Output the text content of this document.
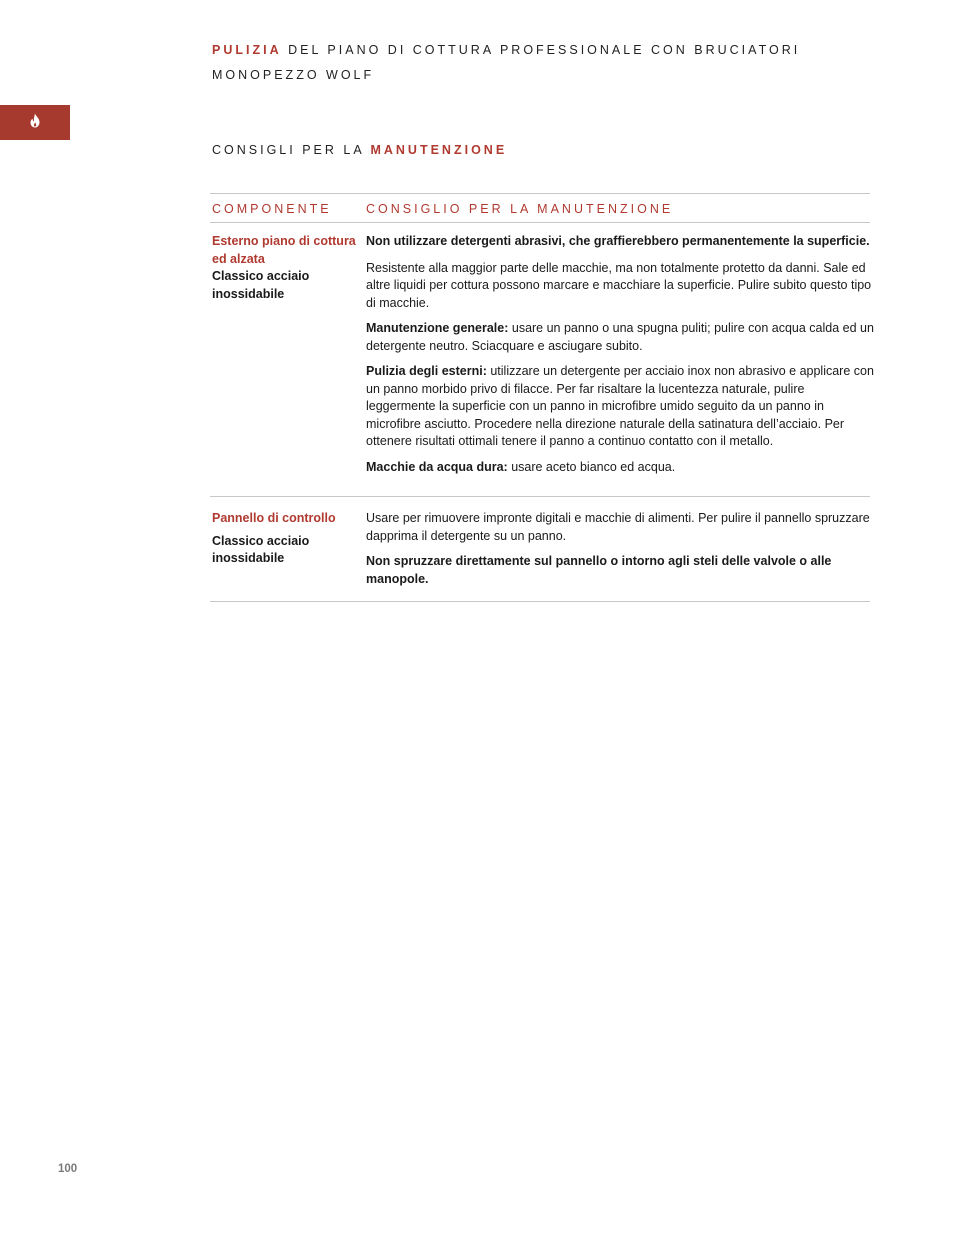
PULIZIA DEL PIANO DI COTTURA PROFESSIONALE CON BRUCIATORI
MONOPEZZO WOLF
CONSIGLI PER LA MANUTENZIONE
COMPONENTE	CONSIGLIO PER LA MANUTENZIONE
Esterno piano di cottura ed alzata
Classico acciaio inossidabile

Non utilizzare detergenti abrasivi, che graffierebbero permanentemente la superficie.

Resistente alla maggior parte delle macchie, ma non totalmente protetto da danni. Sale ed altre liquidi per cottura possono marcare e macchiare la superficie. Pulire subito questo tipo di macchie.

Manutenzione generale: usare un panno o una spugna puliti; pulire con acqua calda ed un detergente neutro. Sciacquare e asciugare subito.

Pulizia degli esterni: utilizzare un detergente per acciaio inox non abrasivo e applicare con un panno morbido privo di filacce. Per far risaltare la lucentezza naturale, pulire leggermente la superficie con un panno in microfibre umido seguito da un panno in microfibre asciutto. Procedere nella direzione naturale della satinatura dell’acciaio. Per ottenere risultati ottimali tenere il panno a continuo contatto con il metallo.

Macchie da acqua dura: usare aceto bianco ed acqua.

Pannello di controllo
Classico acciaio inossidabile

Usare per rimuovere impronte digitali e macchie di alimenti. Per pulire il pannello spruzzare dapprima il detergente su un panno.

Non spruzzare direttamente sul pannello o intorno agli steli delle valvole o alle manopole.

100
